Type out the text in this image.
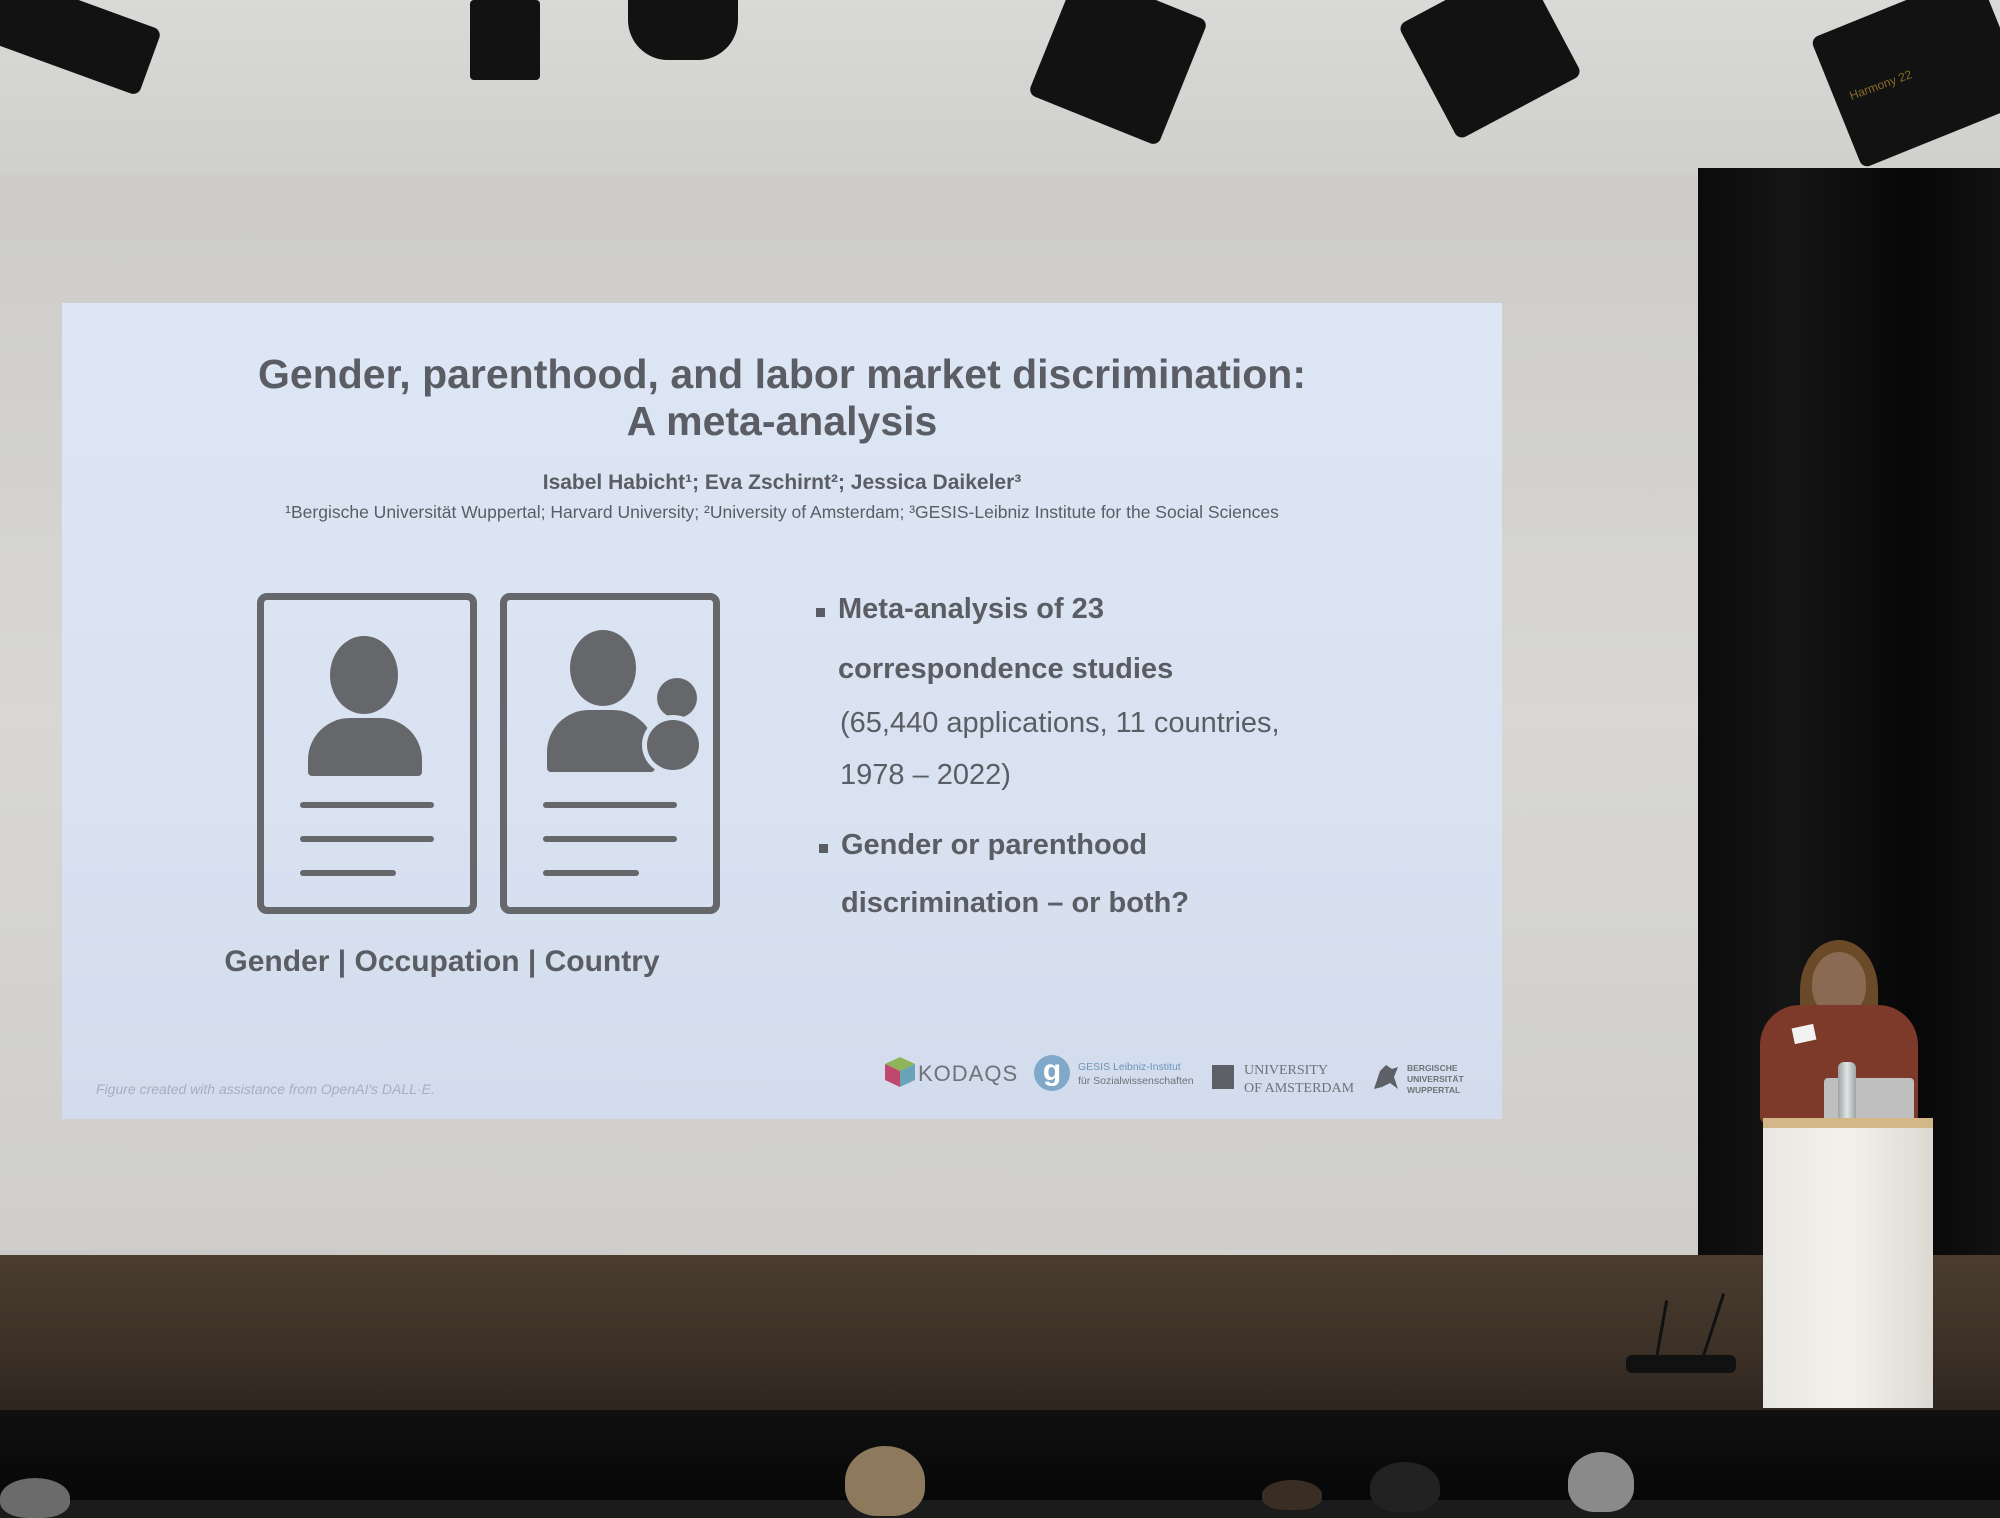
Harmony 22
Gender, parenthood, and labor market discrimination:
A meta-analysis
Isabel Habicht¹; Eva Zschirnt²; Jessica Daikeler³
¹Bergische Universität Wuppertal; Harvard University; ²University of Amsterdam; ³GESIS-Leibniz Institute for the Social Sciences
Gender | Occupation | Country
Meta-analysis of 23
correspondence studies
(65,440 applications, 11 countries,
1978 – 2022)
Gender or parenthood
discrimination – or both?
Figure created with assistance from OpenAI's DALL·E.
KODAQS g	GESIS Leibniz-Institut
für Sozialwissenschaften
UNIVERSITY
OF AMSTERDAM
BERGISCHE
UNIVERSITÄT
WUPPERTAL
